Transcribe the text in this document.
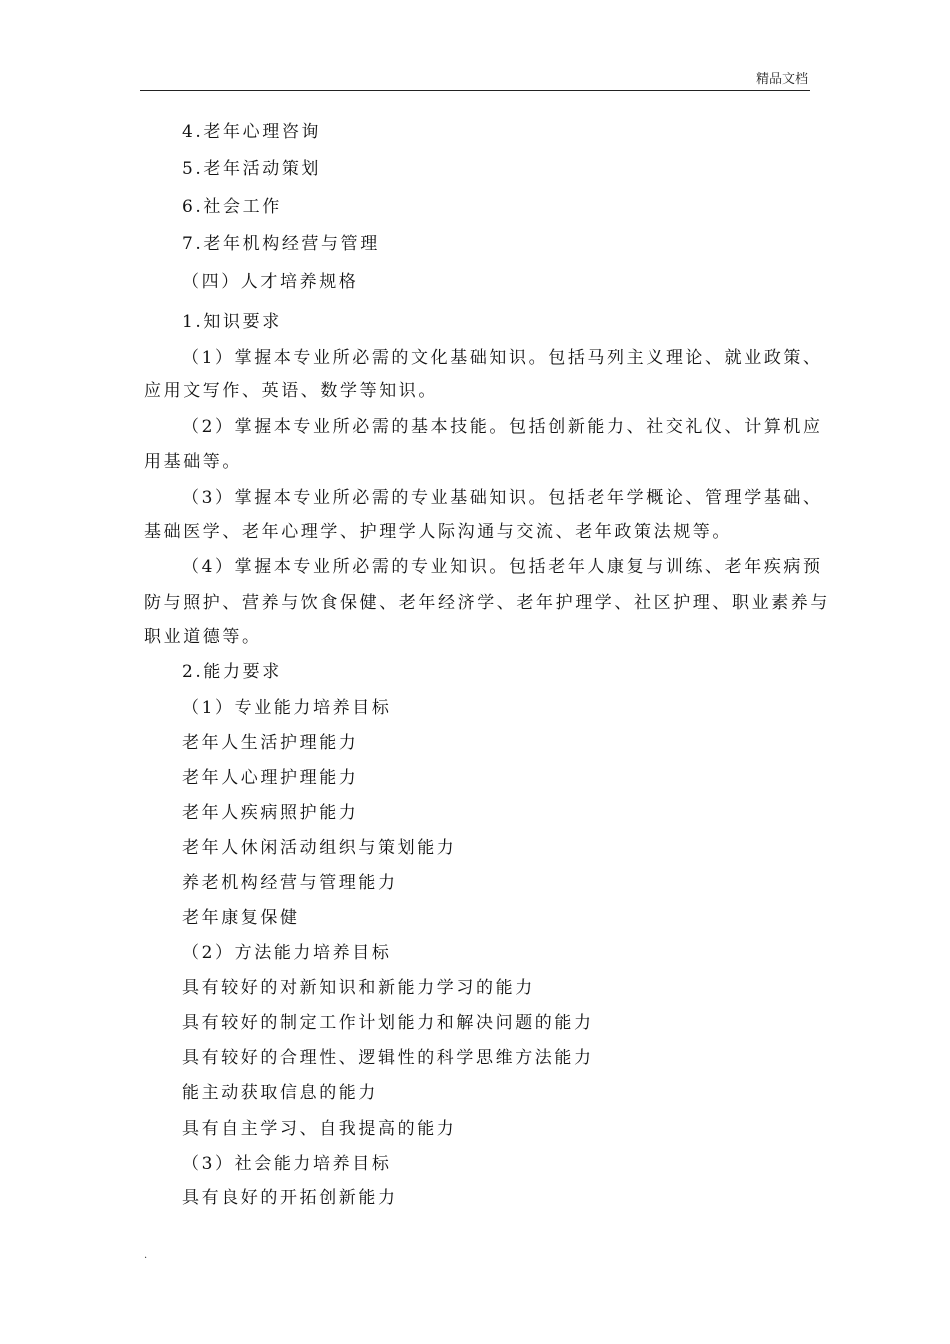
精品文档
4.老年心理咨询
5.老年活动策划
6.社会工作
7.老年机构经营与管理
（四）人才培养规格
1.知识要求
（1）掌握本专业所必需的文化基础知识。包括马列主义理论、就业政策、
应用文写作、英语、数学等知识。
（2）掌握本专业所必需的基本技能。包括创新能力、社交礼仪、计算机应
用基础等。
（3）掌握本专业所必需的专业基础知识。包括老年学概论、管理学基础、
基础医学、老年心理学、护理学人际沟通与交流、老年政策法规等。
（4）掌握本专业所必需的专业知识。包括老年人康复与训练、老年疾病预
防与照护、营养与饮食保健、老年经济学、老年护理学、社区护理、职业素养与
职业道德等。
2.能力要求
（1）专业能力培养目标
老年人生活护理能力
老年人心理护理能力
老年人疾病照护能力
老年人休闲活动组织与策划能力
养老机构经营与管理能力
老年康复保健
（2）方法能力培养目标
具有较好的对新知识和新能力学习的能力
具有较好的制定工作计划能力和解决问题的能力
具有较好的合理性、逻辑性的科学思维方法能力
能主动获取信息的能力
具有自主学习、自我提高的能力
（3）社会能力培养目标
具有良好的开拓创新能力
.
